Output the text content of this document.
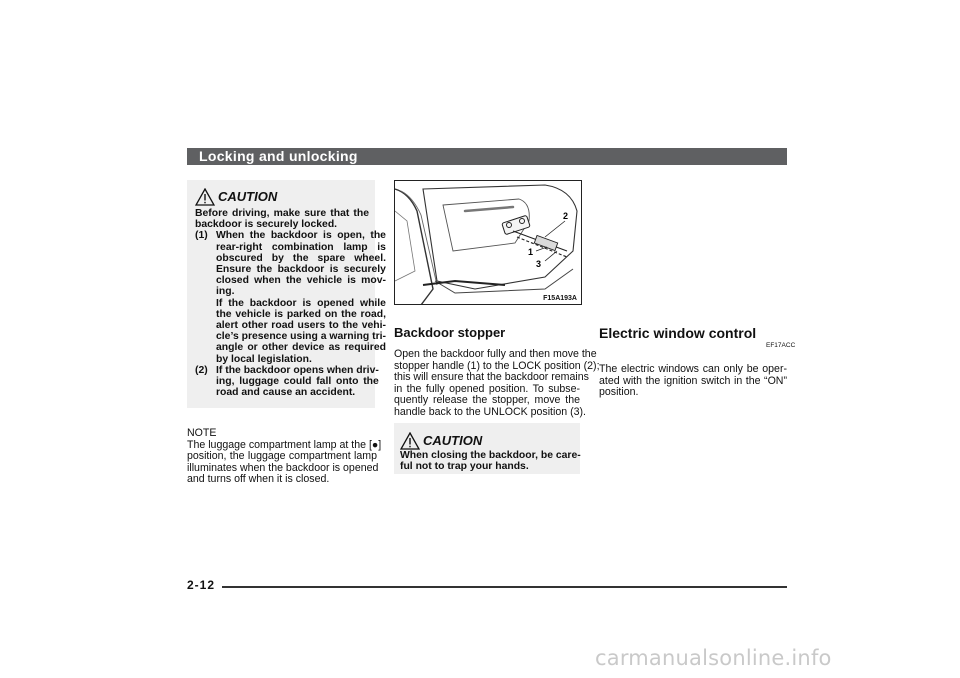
Locking and unlocking
CAUTION
Before driving, make sure that the
backdoor is securely locked.
(1) When the backdoor is open, the
rear-right combination lamp is
obscured by the spare wheel.
Ensure the backdoor is securely
closed when the vehicle is mov-
ing.
If the backdoor is opened while
the vehicle is parked on the road,
alert other road users to the vehi-
cle’s presence using a warning tri-
angle or other device as required
by local legislation.
(2) If the backdoor opens when driv-
ing, luggage could fall onto the
road and cause an accident.
NOTE
The luggage compartment lamp at the [●]
position, the luggage compartment lamp
illuminates when the backdoor is opened
and turns off when it is closed.
2
1
3
F15A193A
Backdoor stopper
Open the backdoor fully and then move the
stopper handle (1) to the LOCK position (2);
this will ensure that the backdoor remains
in the fully opened position. To subse-
quently release the stopper, move the
handle back to the UNLOCK position (3).
CAUTION
When closing the backdoor, be care-
ful not to trap your hands.
Electric window control
EF17ACC
The electric windows can only be oper-
ated with the ignition switch in the “ON”
position.
2-12
carmanualsonline.info
